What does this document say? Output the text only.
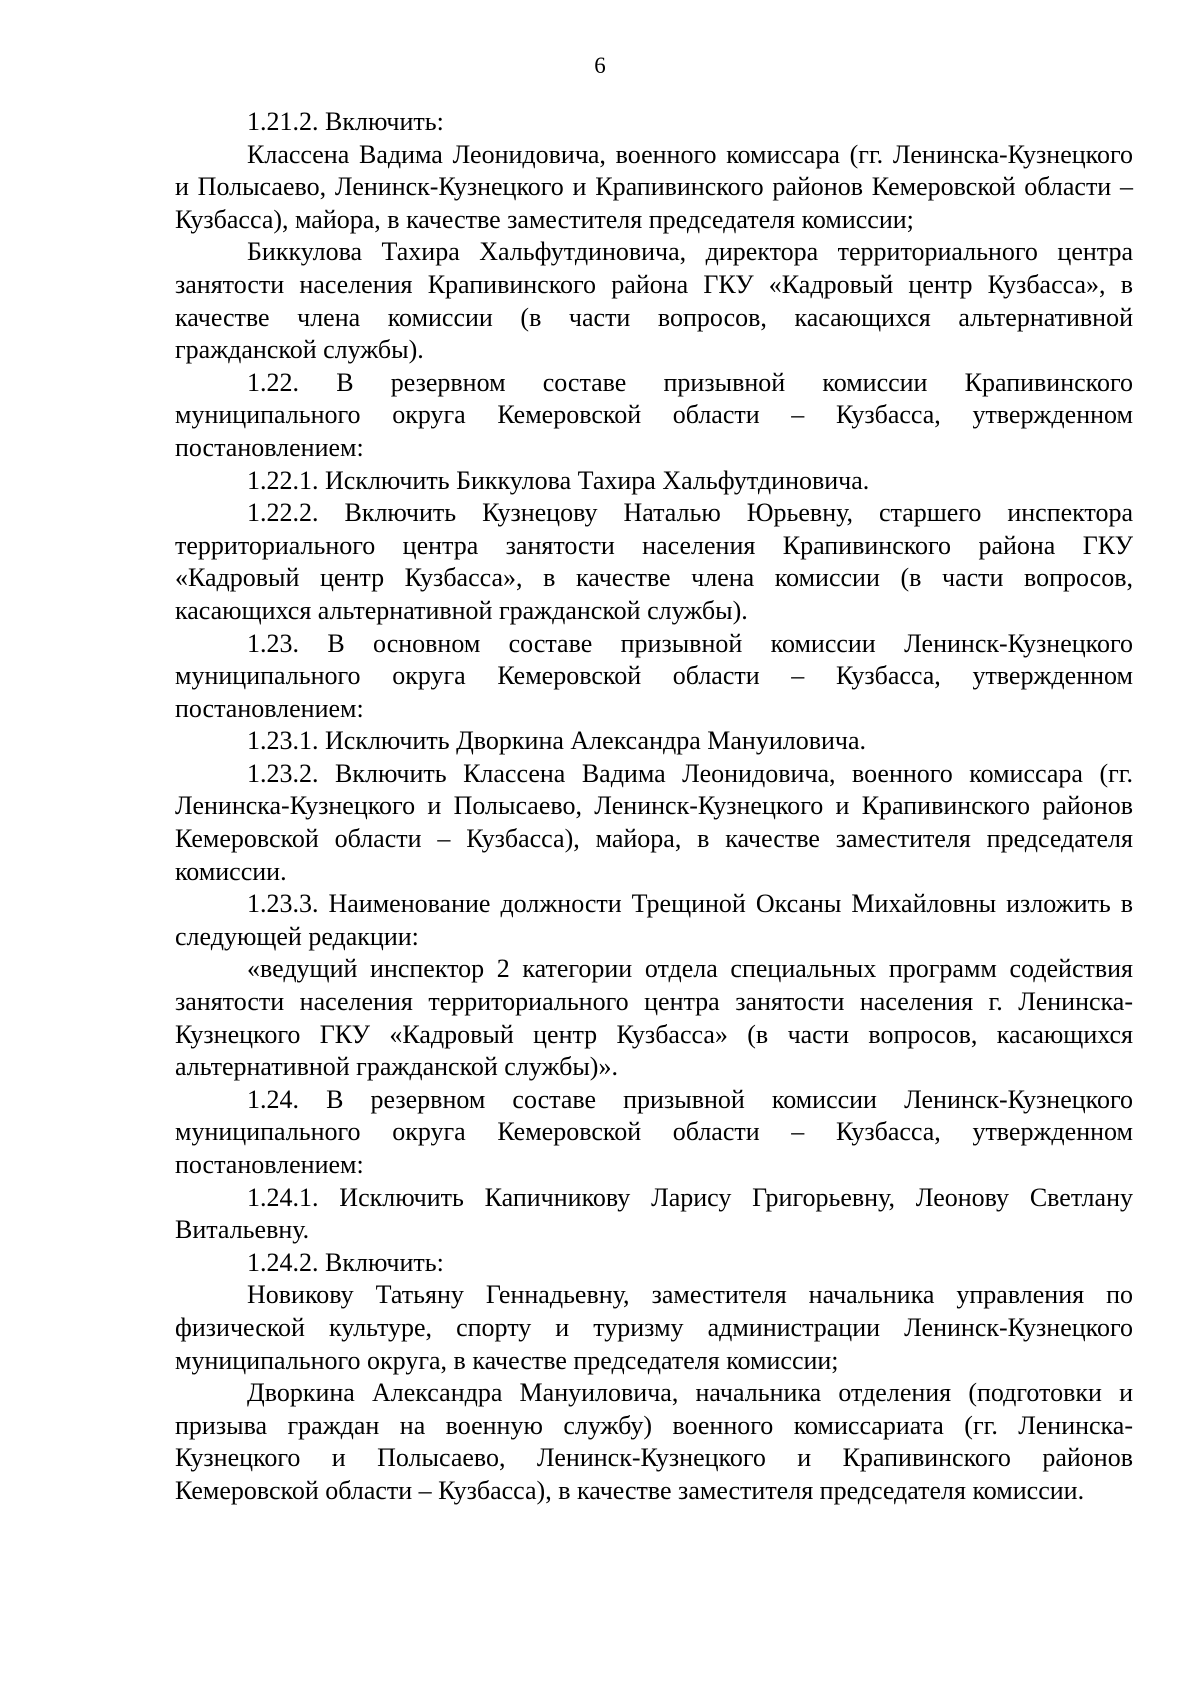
6

1.21.2. Включить:

Классена Вадима Леонидовича, военного комиссара (гг. Ленинска-Кузнецкого и Полысаево, Ленинск-Кузнецкого и Крапивинского районов Кемеровской области – Кузбасса), майора, в качестве заместителя председателя комиссии;

Биккулова Тахира Хальфутдиновича, директора территориального центра занятости населения Крапивинского района ГКУ «Кадровый центр Кузбасса», в качестве члена комиссии (в части вопросов, касающихся альтернативной гражданской службы).

1.22. В резервном составе призывной комиссии Крапивинского муниципального округа Кемеровской области – Кузбасса, утвержденном постановлением:

1.22.1. Исключить Биккулова Тахира Хальфутдиновича.

1.22.2. Включить Кузнецову Наталью Юрьевну, старшего инспектора территориального центра занятости населения Крапивинского района ГКУ «Кадровый центр Кузбасса», в качестве члена комиссии (в части вопросов, касающихся альтернативной гражданской службы).

1.23. В основном составе призывной комиссии Ленинск-Кузнецкого муниципального округа Кемеровской области – Кузбасса, утвержденном постановлением:

1.23.1. Исключить Дворкина Александра Мануиловича.

1.23.2. Включить Классена Вадима Леонидовича, военного комиссара (гг. Ленинска-Кузнецкого и Полысаево, Ленинск-Кузнецкого и Крапивинского районов Кемеровской области – Кузбасса), майора, в качестве заместителя председателя комиссии.

1.23.3. Наименование должности Трещиной Оксаны Михайловны изложить в следующей редакции:

«ведущий инспектор 2 категории отдела специальных программ содействия занятости населения территориального центра занятости населения г. Ленинска-Кузнецкого ГКУ «Кадровый центр Кузбасса» (в части вопросов, касающихся альтернативной гражданской службы)».

1.24. В резервном составе призывной комиссии Ленинск-Кузнецкого муниципального округа Кемеровской области – Кузбасса, утвержденном постановлением:

1.24.1. Исключить Капичникову Ларису Григорьевну, Леонову Светлану Витальевну.

1.24.2. Включить:

Новикову Татьяну Геннадьевну, заместителя начальника управления по физической культуре, спорту и туризму администрации Ленинск-Кузнецкого муниципального округа, в качестве председателя комиссии;

Дворкина Александра Мануиловича, начальника отделения (подготовки и призыва граждан на военную службу) военного комиссариата (гг. Ленинска-Кузнецкого и Полысаево, Ленинск-Кузнецкого и Крапивинского районов Кемеровской области – Кузбасса), в качестве заместителя председателя комиссии.
